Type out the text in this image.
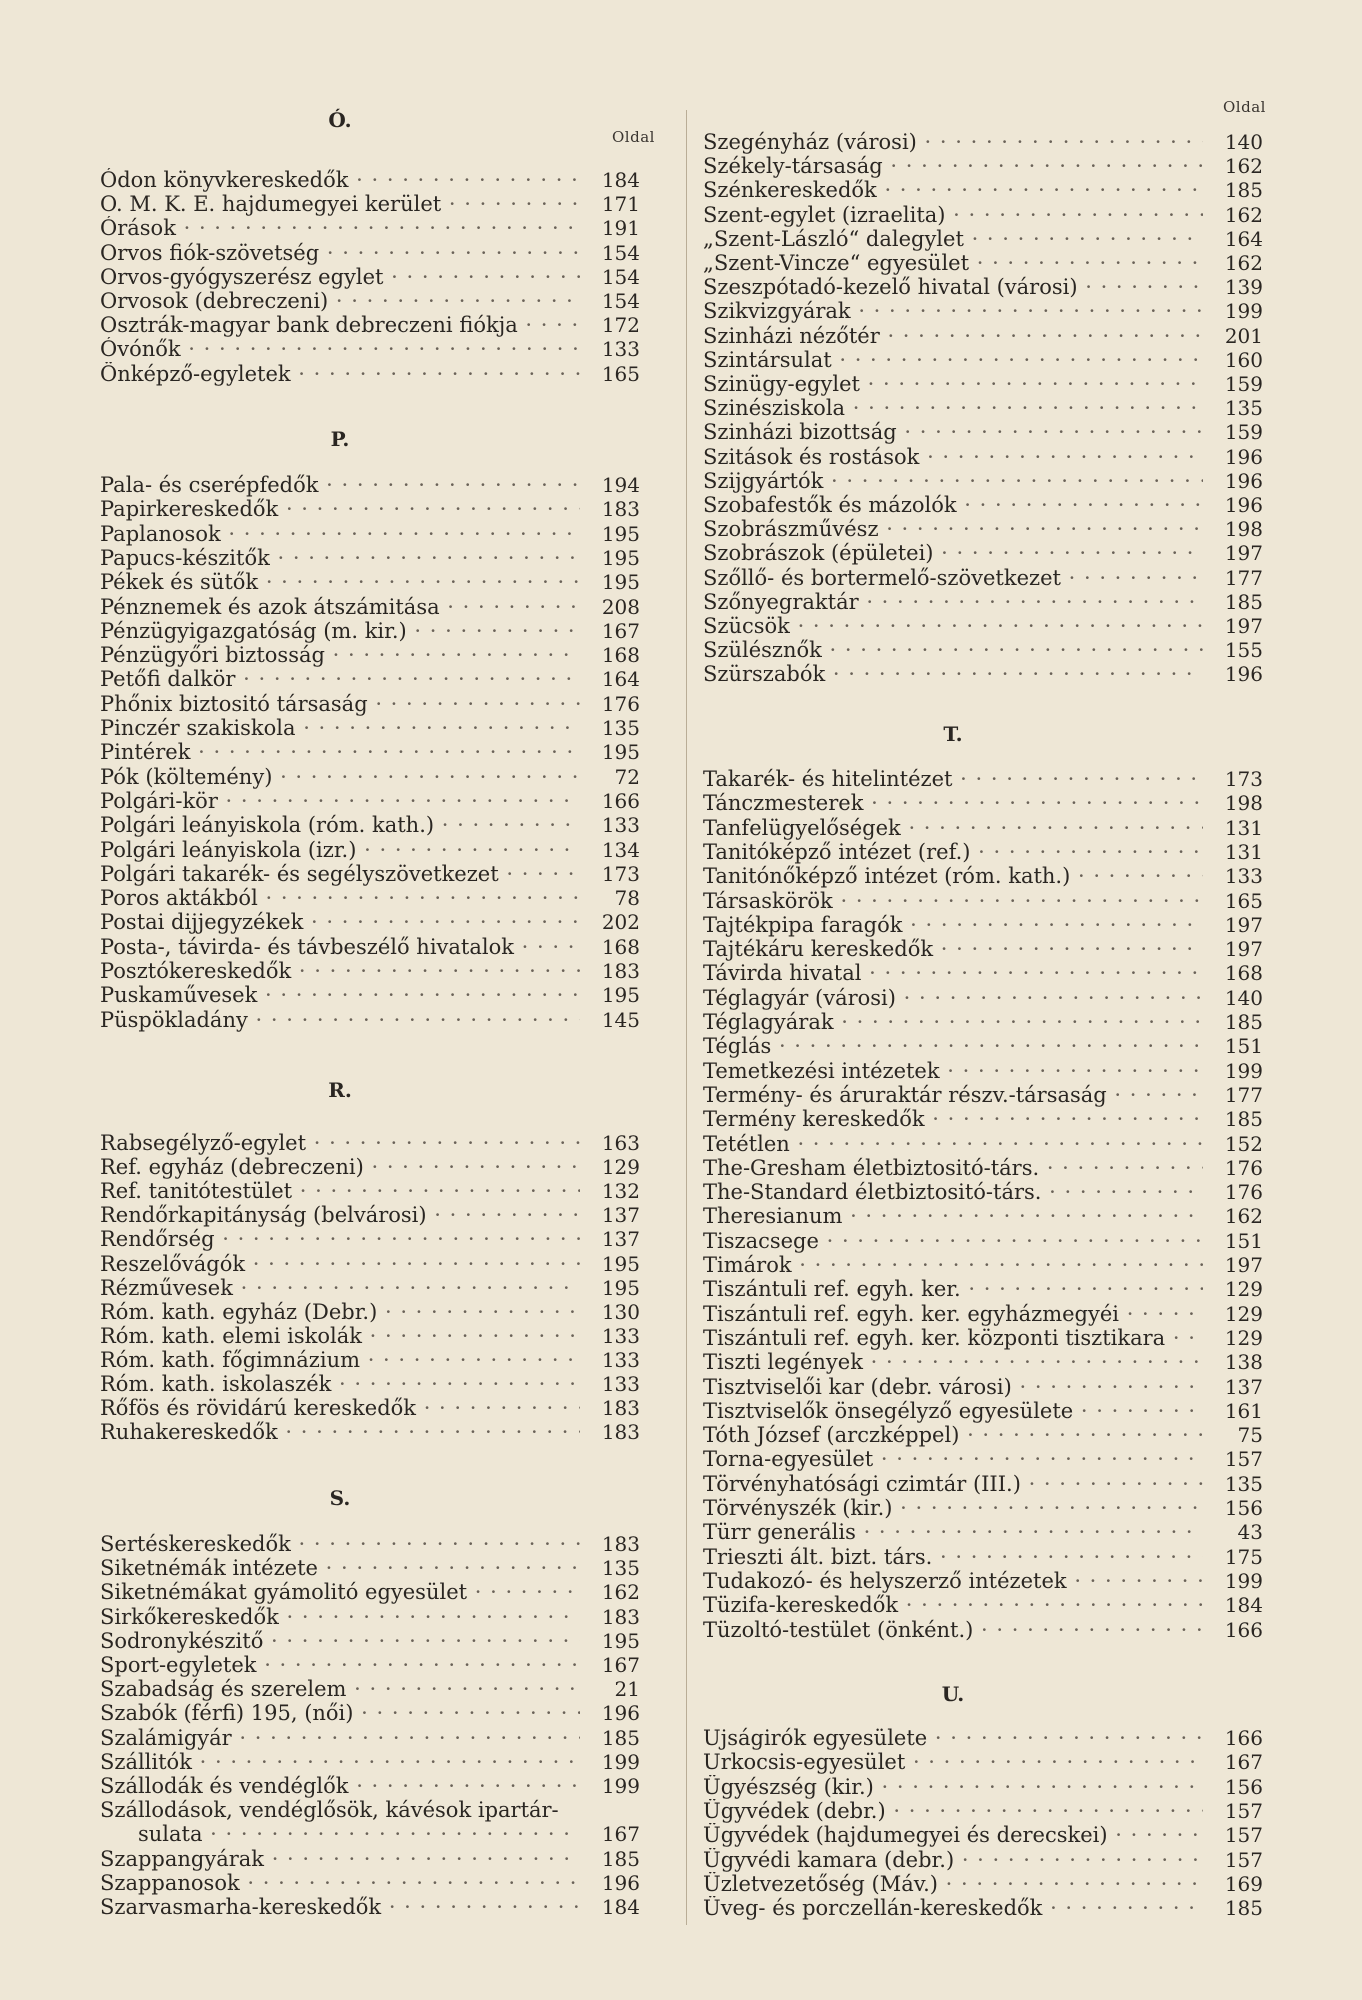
Oldal
Ó.
Ódon könyvkereskedők · · ·	184
O. M. K. E. hajdumegyei kerület · · ·	171
Órások · · ·	191
Orvos fiók-szövetség · · ·	154
Orvos-gyógyszerész egylet · · ·	154
Orvosok (debreczeni) · · ·	154
Osztrák-magyar bank debreczeni fiókja · · ·	172
Óvónők · · ·	133
Önképző-egyletek · · ·	165
P.
Pala- és cserépfedők · · ·	194
Papirkereskedők · · ·	183
Paplanosok · · ·	195
Papucs-készitők · · ·	195
Pékek és sütők · · ·	195
Pénznemek és azok átszámitása · · ·	208
Pénzügyigazgatóság (m. kir.) · · ·	167
Pénzügyőri biztosság · · ·	168
Petőfi dalkör · · ·	164
Phőnix biztositó társaság · · ·	176
Pinczér szakiskola · · ·	135
Pintérek · · ·	195
Pók (költemény) · · ·	72
Polgári-kör · · ·	166
Polgári leányiskola (róm. kath.) · · ·	133
Polgári leányiskola (izr.) · · ·	134
Polgári takarék- és segélyszövetkezet · · ·	173
Poros aktákból · · ·	78
Postai dijjegyzékek · · ·	202
Posta-, távirda- és távbeszélő hivatalok · · ·	168
Posztókereskedők · · ·	183
Puskaművesek · · ·	195
Püspökladány · · ·	145
R.
Rabsegélyző-egylet · · ·	163
Ref. egyház (debreczeni) · · ·	129
Ref. tanitótestület · · ·	132
Rendőrkapitányság (belvárosi) · · ·	137
Rendőrség · · ·	137
Reszelővágók · · ·	195
Rézművesek · · ·	195
Róm. kath. egyház (Debr.) · · ·	130
Róm. kath. elemi iskolák · · ·	133
Róm. kath. főgimnázium · · ·	133
Róm. kath. iskolaszék · · ·	133
Rőfös és rövidárú kereskedők · · ·	183
Ruhakereskedők · · ·	183
S.
Sertéskereskedők · · ·	183
Siketnémák intézete · · ·	135
Siketnémákat gyámolitó egyesület · · ·	162
Sirkőkereskedők · · ·	183
Sodronykészitő · · ·	195
Sport-egyletek · · ·	167
Szabadság és szerelem · · ·	21
Szabók (férfi) 195, (női) · · ·	196
Szalámigyár · · ·	185
Szállitók · · ·	199
Szállodák és vendéglők · · ·	199
Szállodások, vendéglősök, kávésok ipartár-
sulata · · ·	167
Szappangyárak · · ·	185
Szappanosok · · ·	196
Szarvasmarha-kereskedők · · ·	184
Oldal
Szegényház (városi) · · ·	140
Székely-társaság · · ·	162
Szénkereskedők · · ·	185
Szent-egylet (izraelita) · · ·	162
„Szent-László“ dalegylet · · ·	164
„Szent-Vincze“ egyesület · · ·	162
Szeszpótadó-kezelő hivatal (városi) · · ·	139
Szikvizgyárak · · ·	199
Szinházi nézőtér · · ·	201
Szintársulat · · ·	160
Szinügy-egylet · · ·	159
Szinésziskola · · ·	135
Szinházi bizottság · · ·	159
Szitások és rostások · · ·	196
Szijgyártók · · ·	196
Szobafestők és mázolók · · ·	196
Szobrászművész · · ·	198
Szobrászok (épületei) · · ·	197
Szőllő- és bortermelő-szövetkezet · · ·	177
Szőnyegraktár · · ·	185
Szücsök · · ·	197
Szülésznők · · ·	155
Szürszabók · · ·	196
T.
Takarék- és hitelintézet · · ·	173
Tánczmesterek · · ·	198
Tanfelügyelőségek · · ·	131
Tanitóképző intézet (ref.) · · ·	131
Tanitónőképző intézet (róm. kath.) · · ·	133
Társaskörök · · ·	165
Tajtékpipa faragók · · ·	197
Tajtékáru kereskedők · · ·	197
Távirda hivatal · · ·	168
Téglagyár (városi) · · ·	140
Téglagyárak · · ·	185
Téglás · · ·	151
Temetkezési intézetek · · ·	199
Termény- és áruraktár részv.-társaság · · ·	177
Termény kereskedők · · ·	185
Tetétlen · · ·	152
The-Gresham életbiztositó-társ. · · ·	176
The-Standard életbiztositó-társ. · · ·	176
Theresianum · · ·	162
Tiszacsege · · ·	151
Timárok · · ·	197
Tiszántuli ref. egyh. ker. · · ·	129
Tiszántuli ref. egyh. ker. egyházmegyéi · · ·	129
Tiszántuli ref. egyh. ker. központi tisztikara · · ·	129
Tiszti legények · · ·	138
Tisztviselői kar (debr. városi) · · ·	137
Tisztviselők önsegélyző egyesülete · · ·	161
Tóth József (arczképpel) · · ·	75
Torna-egyesület · · ·	157
Törvényhatósági czimtár (III.) · · ·	135
Törvényszék (kir.) · · ·	156
Türr generális · · ·	43
Trieszti ált. bizt. társ. · · ·	175
Tudakozó- és helyszerző intézetek · · ·	199
Tüzifa-kereskedők · · ·	184
Tüzoltó-testület (önként.) · · ·	166
U.
Ujságirók egyesülete · · ·	166
Urkocsis-egyesület · · ·	167
Ügyészség (kir.) · · ·	156
Ügyvédek (debr.) · · ·	157
Ügyvédek (hajdumegyei és derecskei) · · ·	157
Ügyvédi kamara (debr.) · · ·	157
Üzletvezetőség (Máv.) · · ·	169
Üveg- és porczellán-kereskedők · · ·	185
